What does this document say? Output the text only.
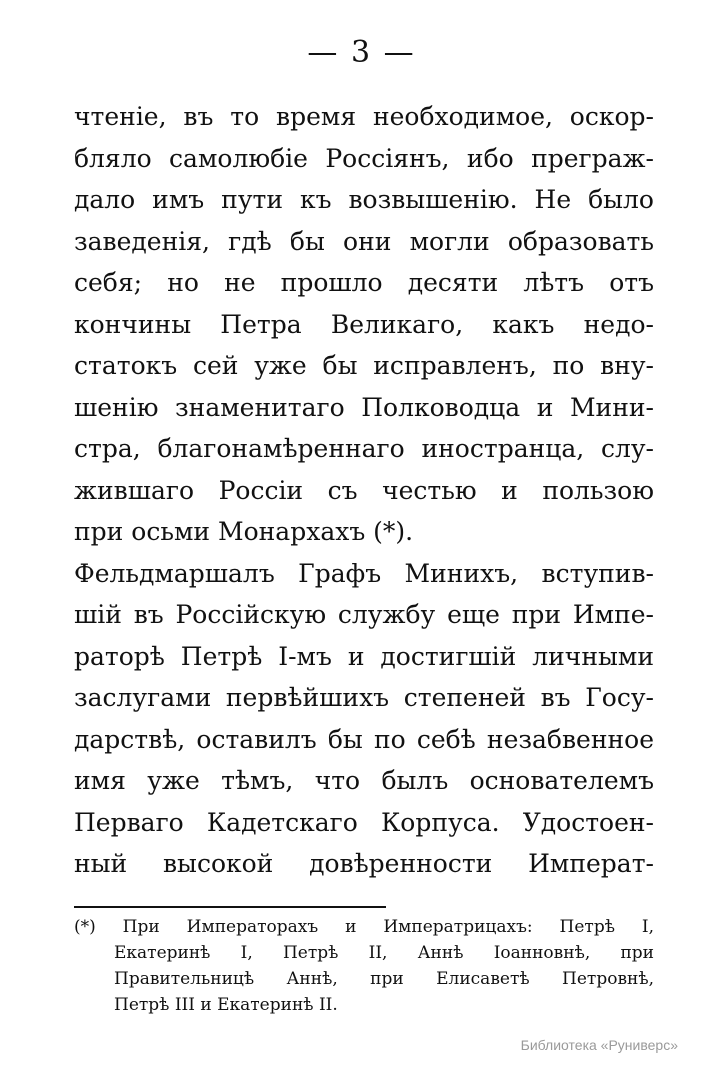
— 3 —
чтеніе, въ то время необходимое, оскор-
бляло самолюбіе Россіянъ, ибо преграж-
дало имъ пути къ возвышенію. Не было
заведенія, гдѣ бы они могли образовать
себя; но не прошло десяти лѣтъ отъ
кончины Петра Великаго, какъ недо-
статокъ сей уже бы исправленъ, по вну-
шенію знаменитаго Полководца и Мини-
стра, благонамѣреннаго иностранца, слу-
жившаго Россіи съ честью и пользою
при осьми Монархахъ (*).
Фельдмаршалъ Графъ Минихъ, вступив-
шій въ Россійскую службу еще при Импе-
раторѣ Петрѣ I-мъ и достигшій личными
заслугами первѣйшихъ степеней въ Госу-
дарствѣ, оставилъ бы по себѣ незабвенное
имя уже тѣмъ, что былъ основателемъ
Перваго Кадетскаго Корпуса. Удостоен-
ный высокой довѣренности Императ-
(*) При Императорахъ и Императрицахъ: Петрѣ I,
Екатеринѣ I, Петрѣ II, Аннѣ Іоанновнѣ, при
Правительницѣ Аннѣ, при Елисаветѣ Петровнѣ,
Петрѣ III и Екатеринѣ II.
Библиотека «Руниверс»
